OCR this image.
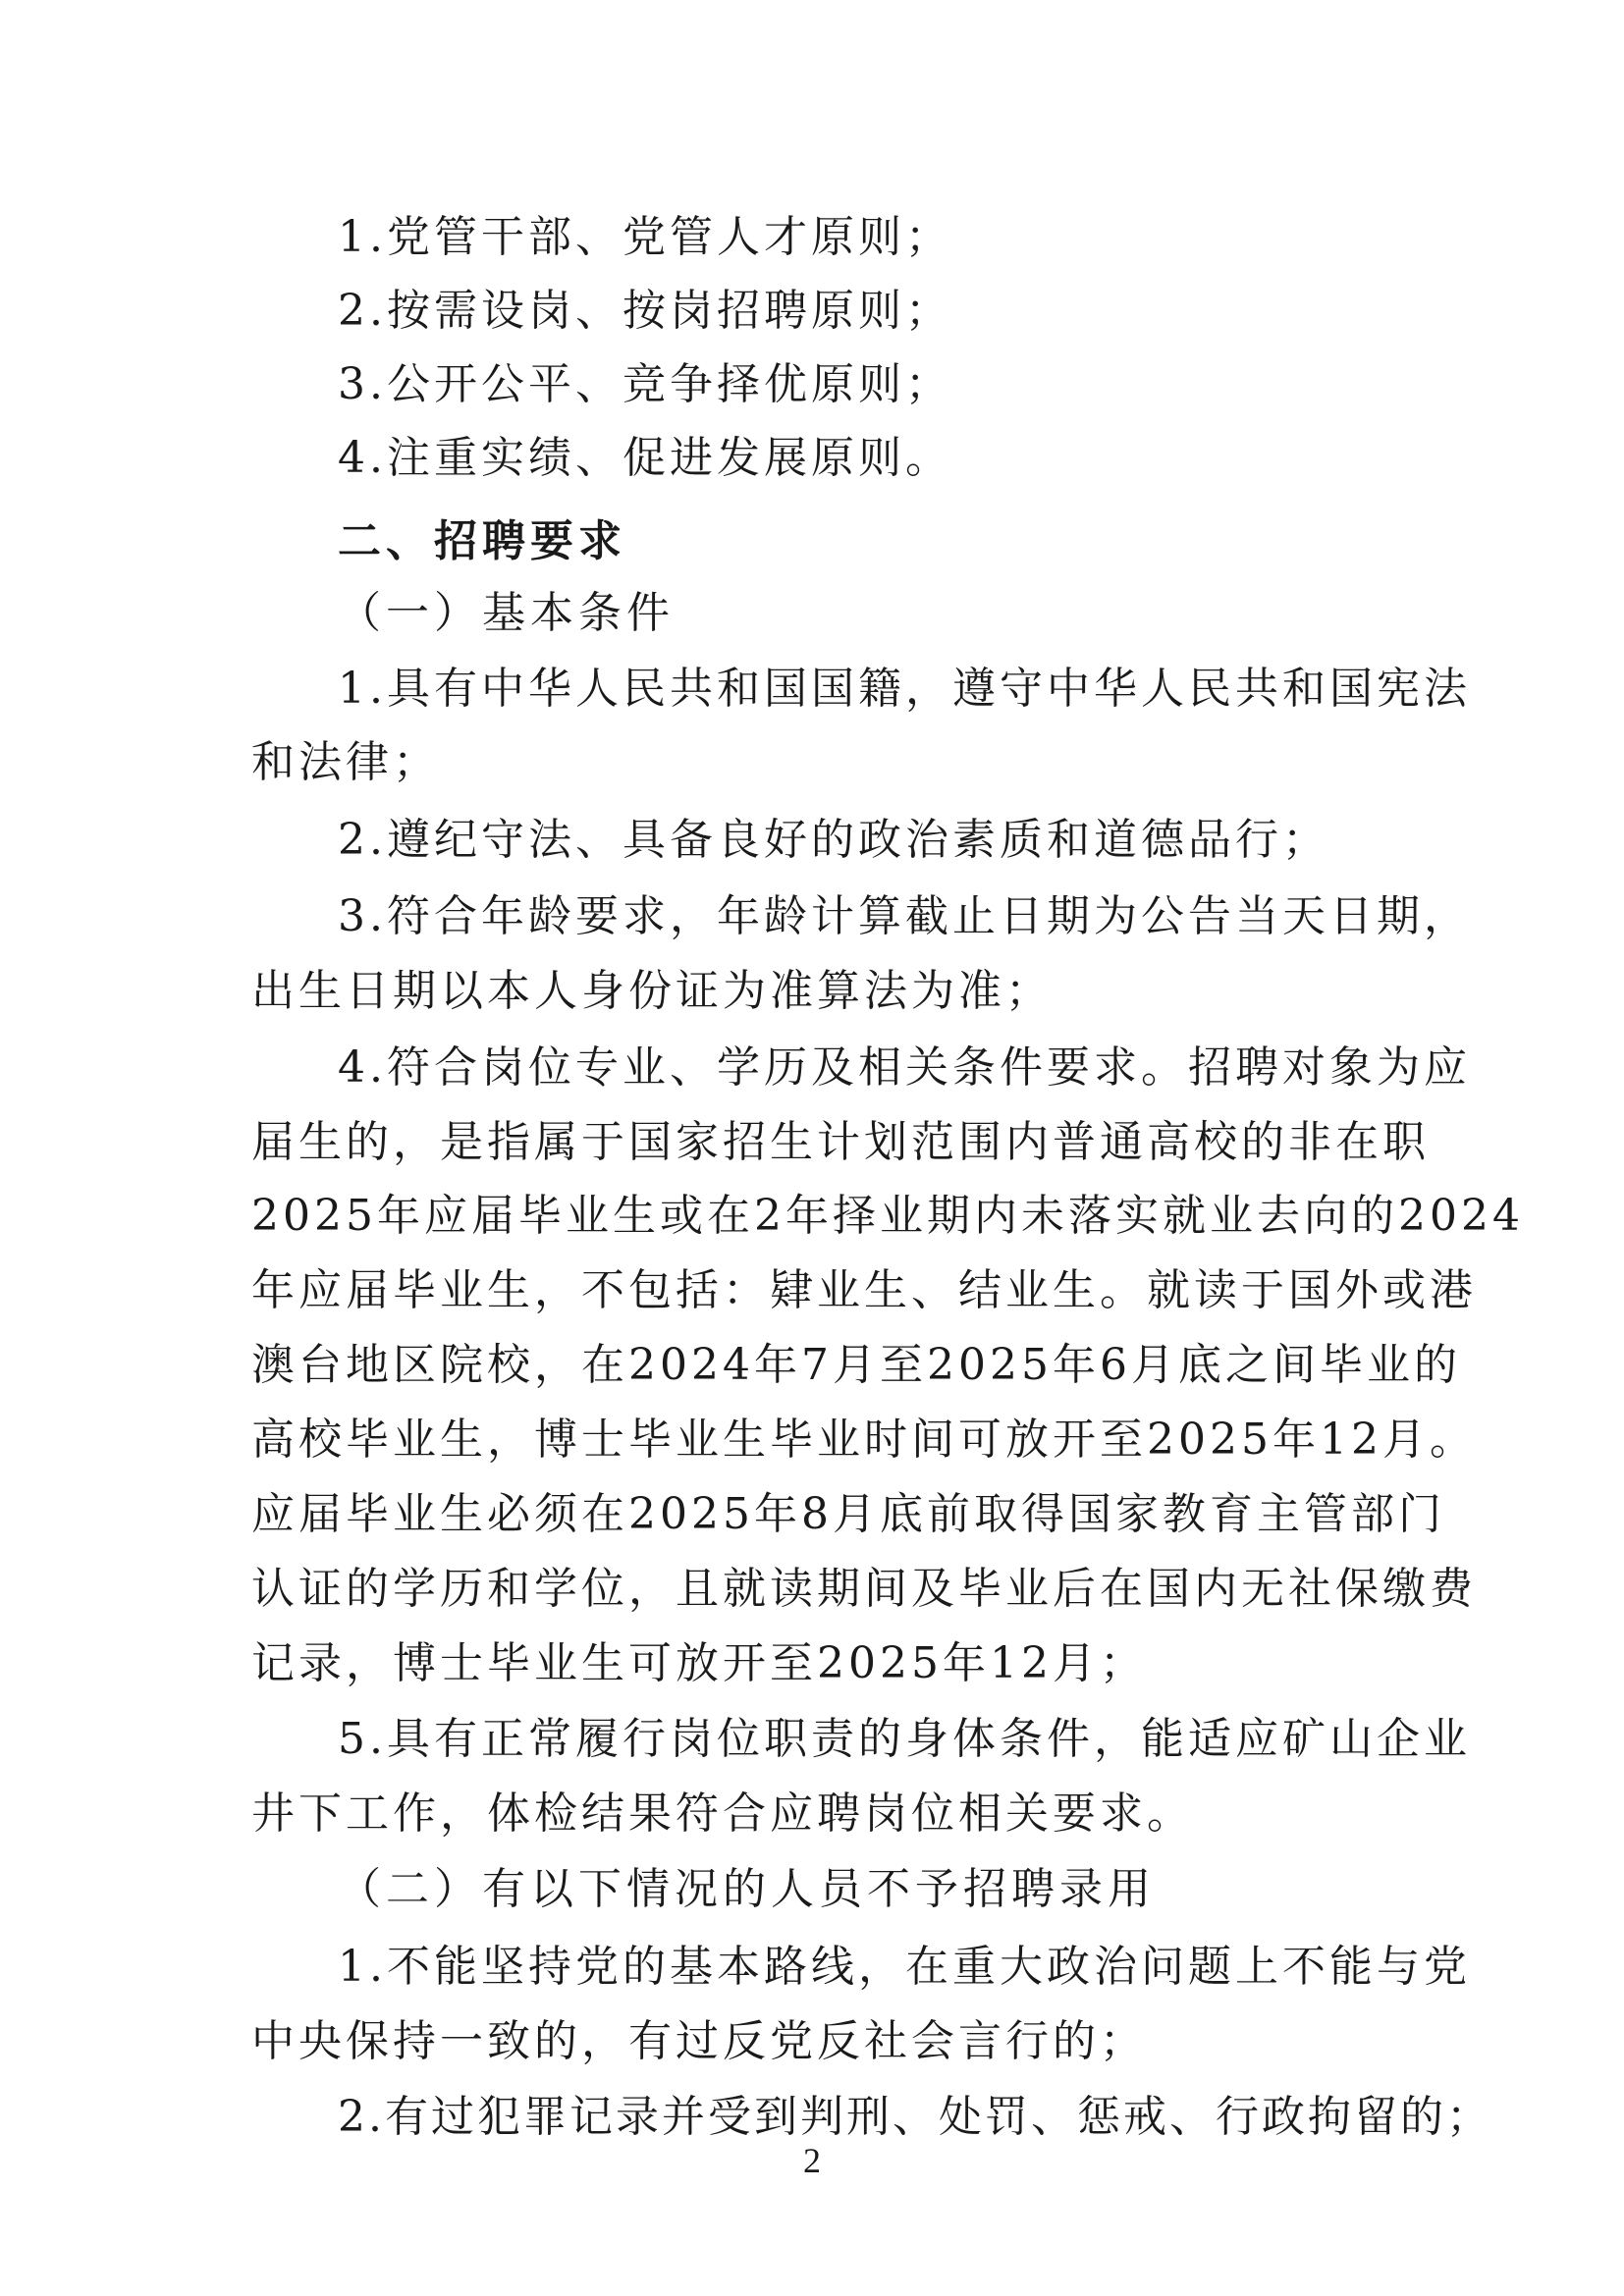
1.党管干部、党管人才原则；
2.按需设岗、按岗招聘原则；
3.公开公平、竞争择优原则；
4.注重实绩、促进发展原则。
二、招聘要求
（一）基本条件
1.具有中华人民共和国国籍，遵守中华人民共和国宪法
和法律；
2.遵纪守法、具备良好的政治素质和道德品行；
3.符合年龄要求，年龄计算截止日期为公告当天日期，
出生日期以本人身份证为准算法为准；
4.符合岗位专业、学历及相关条件要求。招聘对象为应
届生的，是指属于国家招生计划范围内普通高校的非在职
2025年应届毕业生或在2年择业期内未落实就业去向的2024
年应届毕业生，不包括：肄业生、结业生。就读于国外或港
澳台地区院校，在2024年7月至2025年6月底之间毕业的
高校毕业生，博士毕业生毕业时间可放开至2025年12月。
应届毕业生必须在2025年8月底前取得国家教育主管部门
认证的学历和学位，且就读期间及毕业后在国内无社保缴费
记录，博士毕业生可放开至2025年12月；
5.具有正常履行岗位职责的身体条件，能适应矿山企业
井下工作，体检结果符合应聘岗位相关要求。
（二）有以下情况的人员不予招聘录用
1.不能坚持党的基本路线，在重大政治问题上不能与党
中央保持一致的，有过反党反社会言行的；
2.有过犯罪记录并受到判刑、处罚、惩戒、行政拘留的；
2
